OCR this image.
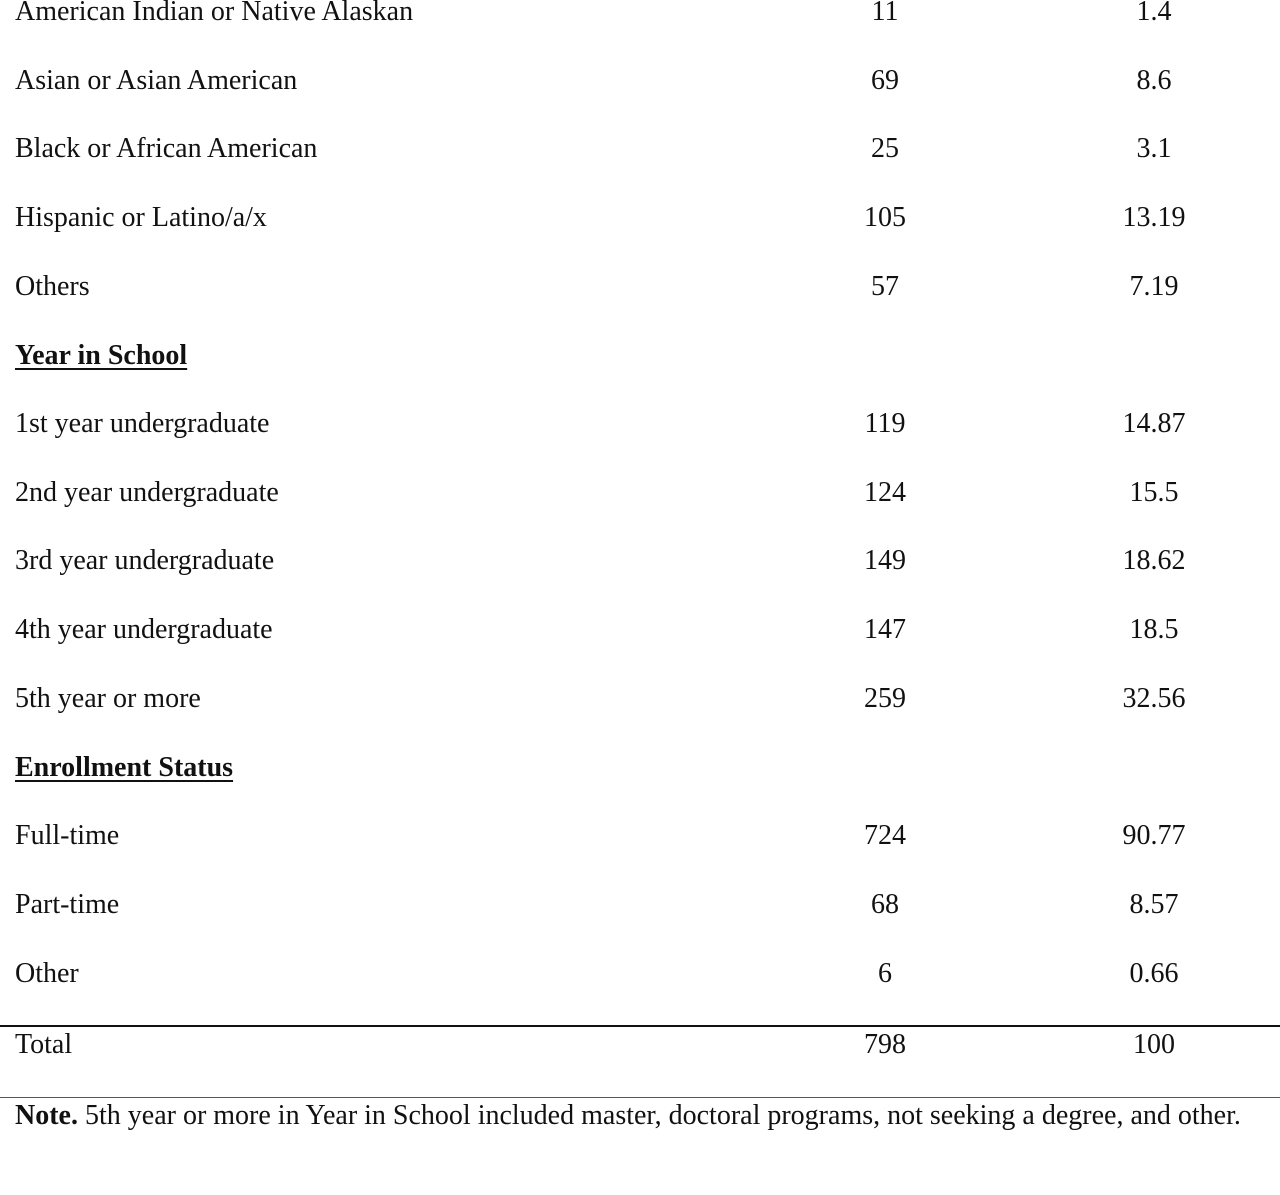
American Indian or Native Alaskan	11	1.4
Asian or Asian American	69	8.6
Black or African American	25	3.1
Hispanic or Latino/a/x	105	13.19
Others	57	7.19
Year in School
1st year undergraduate	119	14.87
2nd year undergraduate	124	15.5
3rd year undergraduate	149	18.62
4th year undergraduate	147	18.5
5th year or more	259	32.56
Enrollment Status
Full-time	724	90.77
Part-time	68	8.57
Other	6	0.66
Total	798	100
Note. 5th year or more in Year in School included master, doctoral programs, not seeking a degree, and other.
